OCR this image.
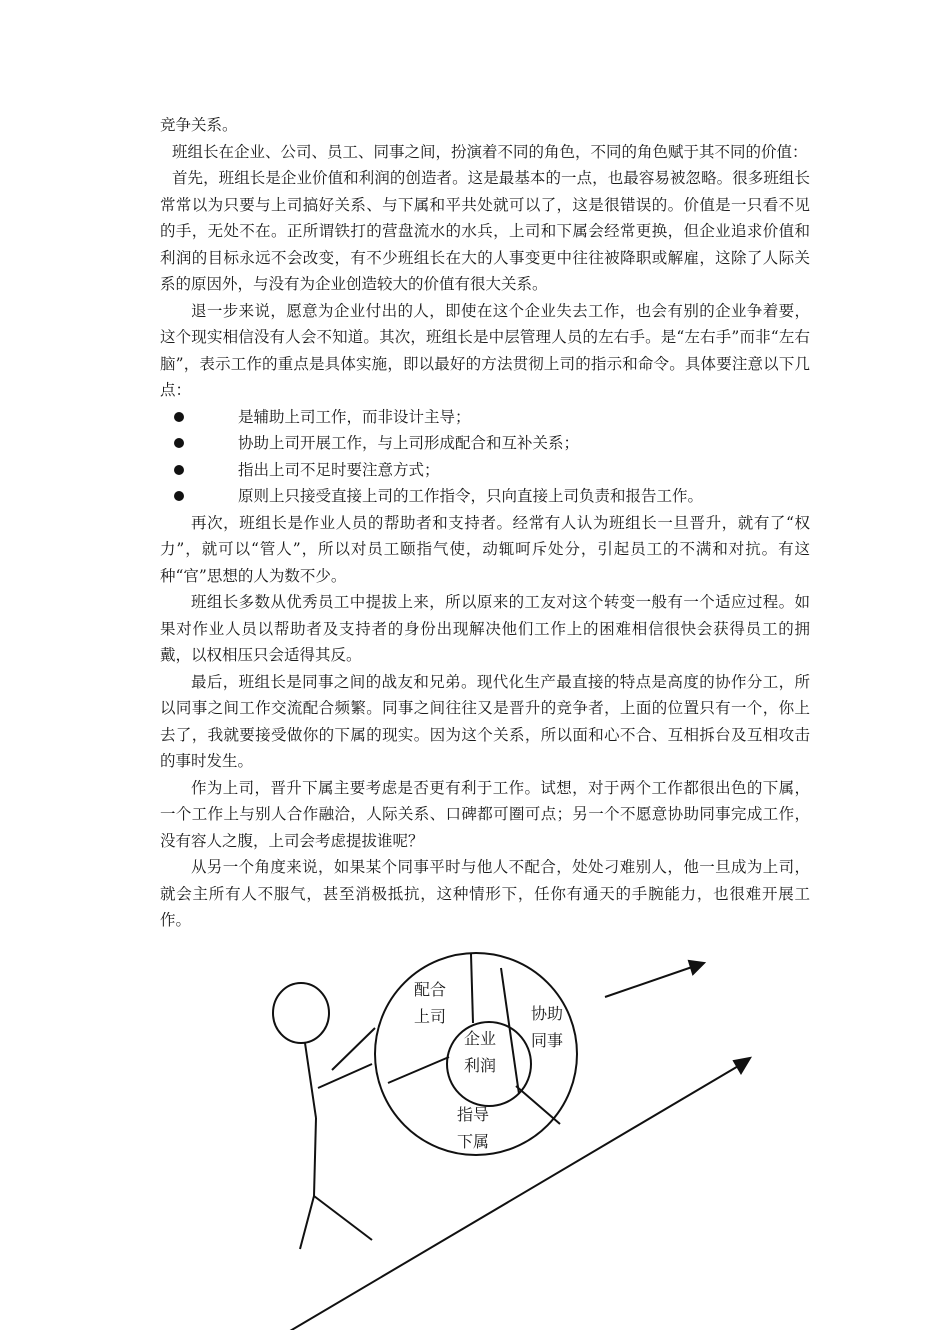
竞争关系。

班组长在企业、公司、员工、同事之间，扮演着不同的角色，不同的角色赋于其不同的价值：

首先，班组长是企业价值和利润的创造者。这是最基本的一点，也最容易被忽略。很多班组长常常以为只要与上司搞好关系、与下属和平共处就可以了，这是很错误的。价值是一只看不见的手，无处不在。正所谓铁打的营盘流水的水兵，上司和下属会经常更换，但企业追求价值和利润的目标永远不会改变，有不少班组长在大的人事变更中往往被降职或解雇，这除了人际关系的原因外，与没有为企业创造较大的价值有很大关系。

退一步来说，愿意为企业付出的人，即使在这个企业失去工作，也会有别的企业争着要，这个现实相信没有人会不知道。其次，班组长是中层管理人员的左右手。是“左右手”而非“左右脑”，表示工作的重点是具体实施，即以最好的方法贯彻上司的指示和命令。具体要注意以下几点：

是辅助上司工作，而非设计主导；
协助上司开展工作，与上司形成配合和互补关系；
指出上司不足时要注意方式；
原则上只接受直接上司的工作指令，只向直接上司负责和报告工作。

再次，班组长是作业人员的帮助者和支持者。经常有人认为班组长一旦晋升，就有了“权力”，就可以“管人”，所以对员工颐指气使，动辄呵斥处分，引起员工的不满和对抗。有这种“官”思想的人为数不少。

班组长多数从优秀员工中提拔上来，所以原来的工友对这个转变一般有一个适应过程。如果对作业人员以帮助者及支持者的身份出现解决他们工作上的困难相信很快会获得员工的拥戴，以权相压只会适得其反。

最后，班组长是同事之间的战友和兄弟。现代化生产最直接的特点是高度的协作分工，所以同事之间工作交流配合频繁。同事之间往往又是晋升的竞争者，上面的位置只有一个，你上去了，我就要接受做你的下属的现实。因为这个关系，所以面和心不合、互相拆台及互相攻击的事时发生。

作为上司，晋升下属主要考虑是否更有利于工作。试想，对于两个工作都很出色的下属，一个工作上与别人合作融洽，人际关系、口碑都可圈可点；另一个不愿意协助同事完成工作，没有容人之腹，上司会考虑提拔谁呢？

从另一个角度来说，如果某个同事平时与他人不配合，处处刁难别人，他一旦成为上司，就会主所有人不服气，甚至消极抵抗，这种情形下，任你有通天的手腕能力，也很难开展工作。

配合
上司	协助
同事
企业
利润
指导
下属
